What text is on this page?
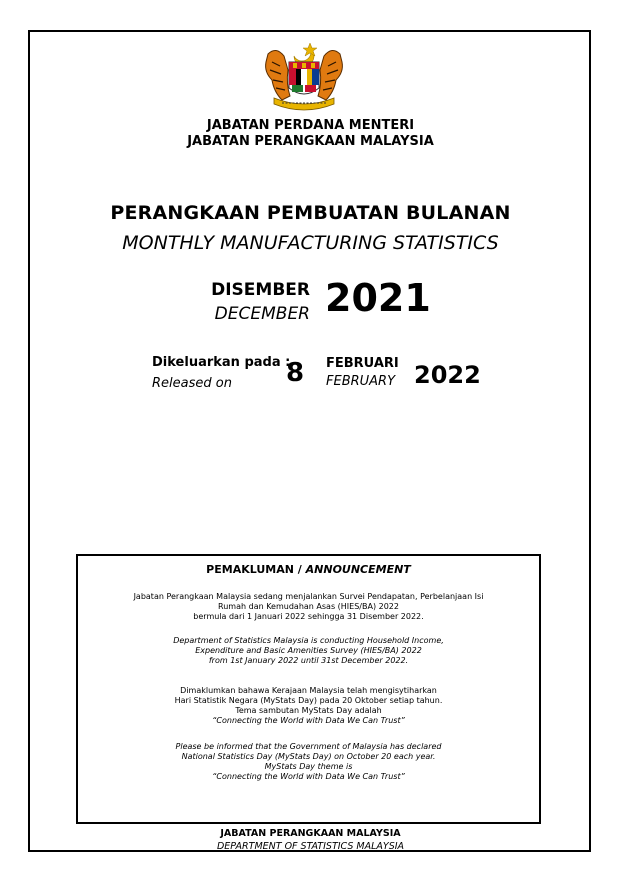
JABATAN PERDANA MENTERI
JABATAN PERANGKAAN MALAYSIA
PERANGKAAN PEMBUATAN BULANAN
MONTHLY MANUFACTURING STATISTICS
DISEMBER
DECEMBER 2021
Dikeluarkan pada :
Released on 8 FEBRUARI
FEBRUARY 2022
PEMAKLUMAN / ANNOUNCEMENT
Jabatan Perangkaan Malaysia sedang menjalankan Survei Pendapatan, Perbelanjaan Isi
Rumah dan Kemudahan Asas (HIES/BA) 2022
bermula dari 1 Januari 2022 sehingga 31 Disember 2022.
Department of Statistics Malaysia is conducting Household Income,
Expenditure and Basic Amenities Survey (HIES/BA) 2022
from 1st January 2022 until 31st December 2022.
Dimaklumkan bahawa Kerajaan Malaysia telah mengisytiharkan
Hari Statistik Negara (MyStats Day) pada 20 Oktober setiap tahun.
Tema sambutan MyStats Day adalah
“Connecting the World with Data We Can Trust”
Please be informed that the Government of Malaysia has declared
National Statistics Day (MyStats Day) on October 20 each year.
MyStats Day theme is
“Connecting the World with Data We Can Trust”
JABATAN PERANGKAAN MALAYSIA
DEPARTMENT OF STATISTICS MALAYSIA
